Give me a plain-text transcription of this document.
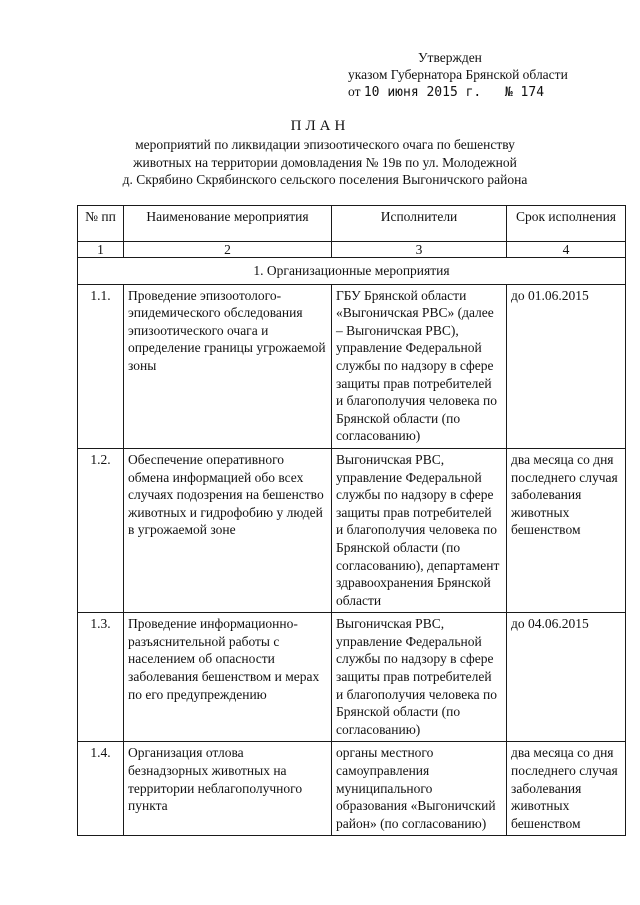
Утвержден
указом Губернатора Брянской области
от 10 июня 2015 г. № 174
ПЛАН
мероприятий по ликвидации эпизоотического очага по бешенству
животных на территории домовладения № 19в по ул. Молодежной
д. Скрябино Скрябинского сельского поселения Выгоничского района
№ пп	Наименование мероприятия	Исполнители	Срок исполнения
1	2	3	4
1. Организационные мероприятия			
1.1.	Проведение эпизоотолого-эпидемического обследования эпизоотического очага и определение границы угрожаемой зоны	ГБУ Брянской области «Выгоничская РВС» (далее – Выгоничская РВС), управление Федеральной службы по надзору в сфере защиты прав потребителей и благополучия человека по Брянской области (по согласованию)	до 01.06.2015
1.2.	Обеспечение оперативного обмена информацией обо всех случаях подозрения на бешенство животных и гидрофобию у людей в угрожаемой зоне	Выгоничская РВС, управление Федеральной службы по надзору в сфере защиты прав потребителей и благополучия человека по Брянской области (по согласованию), департамент здравоохранения Брянской области	два месяца со дня последнего случая заболевания животных бешенством
1.3.	Проведение информационно-разъяснительной работы с населением об опасности заболевания бешенством и мерах по его предупреждению	Выгоничская РВС, управление Федеральной службы по надзору в сфере защиты прав потребителей и благополучия человека по Брянской области (по согласованию)	до 04.06.2015
1.4.	Организация отлова безнадзорных животных на территории неблагополучного пункта	органы местного самоуправления муниципального образования «Выгоничский район» (по согласованию)	два месяца со дня последнего случая заболевания животных бешенством
